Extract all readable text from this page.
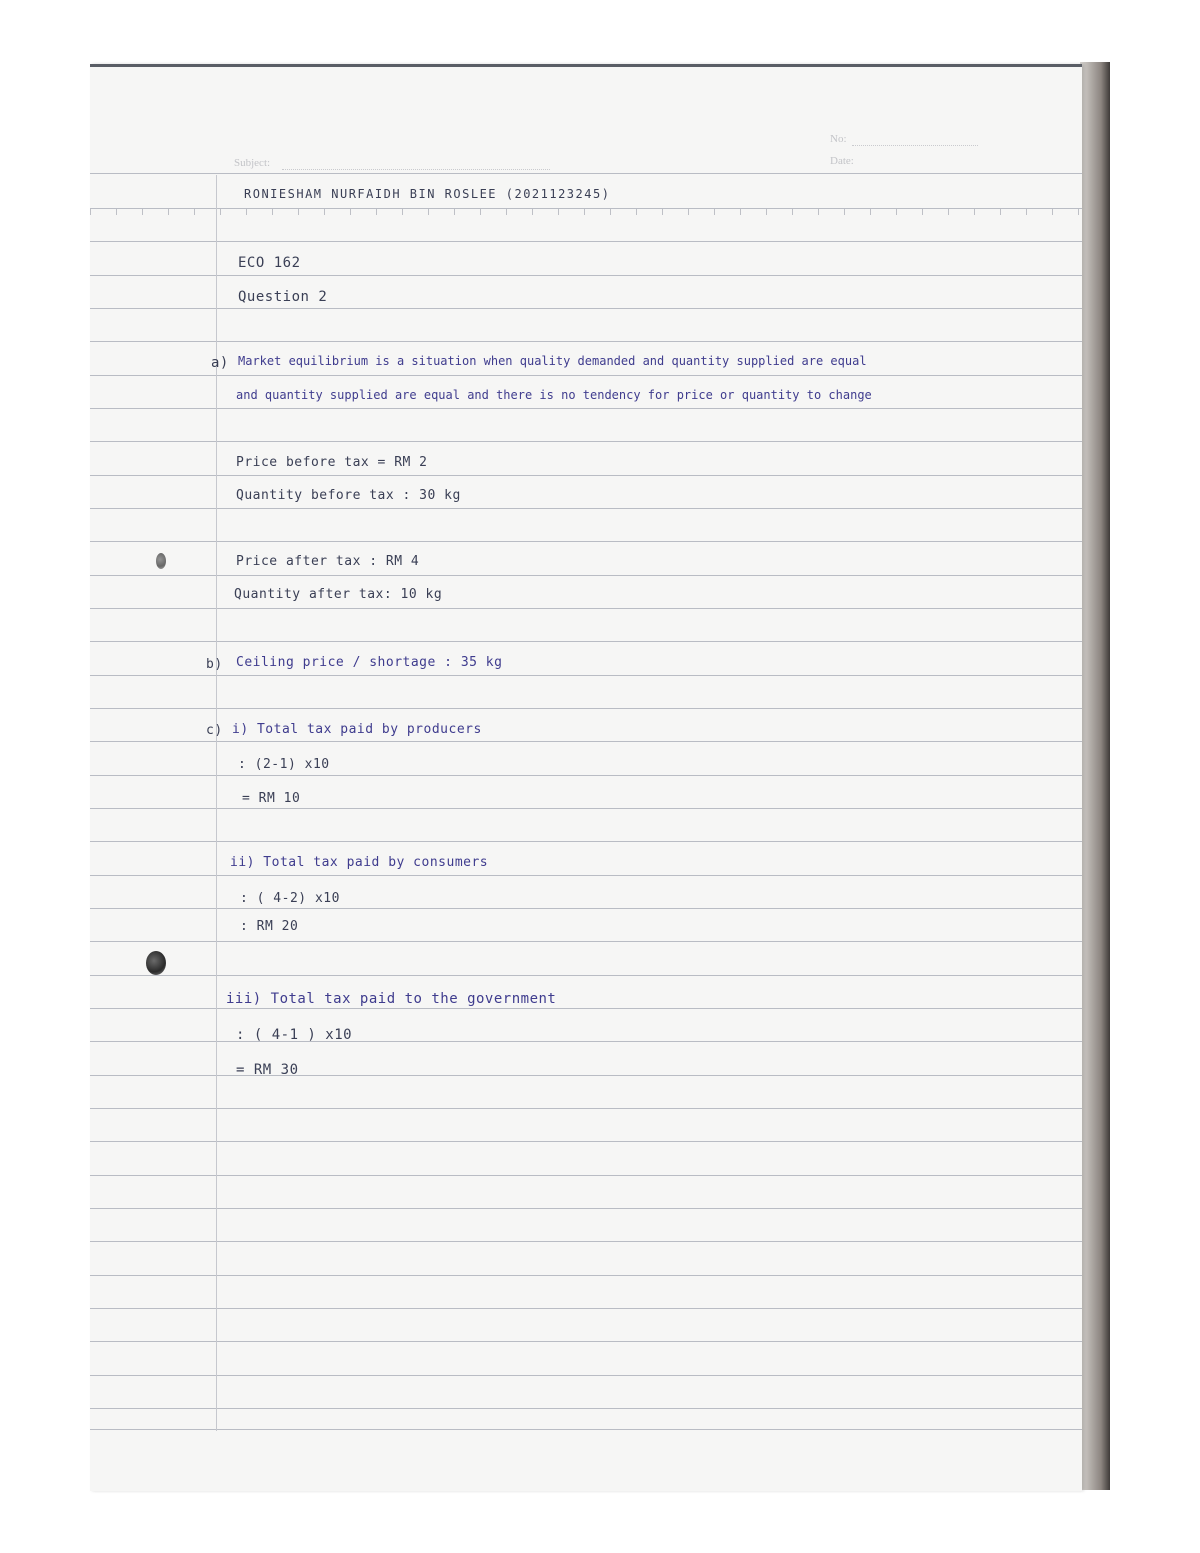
Subject:
No:
Date:
RONIESHAM NURFAIDH BIN ROSLEE (2021123245)
ECO 162
Question 2
a) Market equilibrium is a situation when quality demanded and quantity supplied are equal
and quantity supplied are equal and there is no tendency for price or quantity to change
Price before tax = RM 2
Quantity before tax : 30 kg
Price after tax : RM 4
Quantity after tax: 10 kg
b) Ceiling price / shortage : 35 kg
c) i) Total tax paid by producers
: (2-1) x10
= RM 10
ii) Total tax paid by consumers
: ( 4-2) x10
: RM 20
iii) Total tax paid to the government
: ( 4-1 ) x10
= RM 30
